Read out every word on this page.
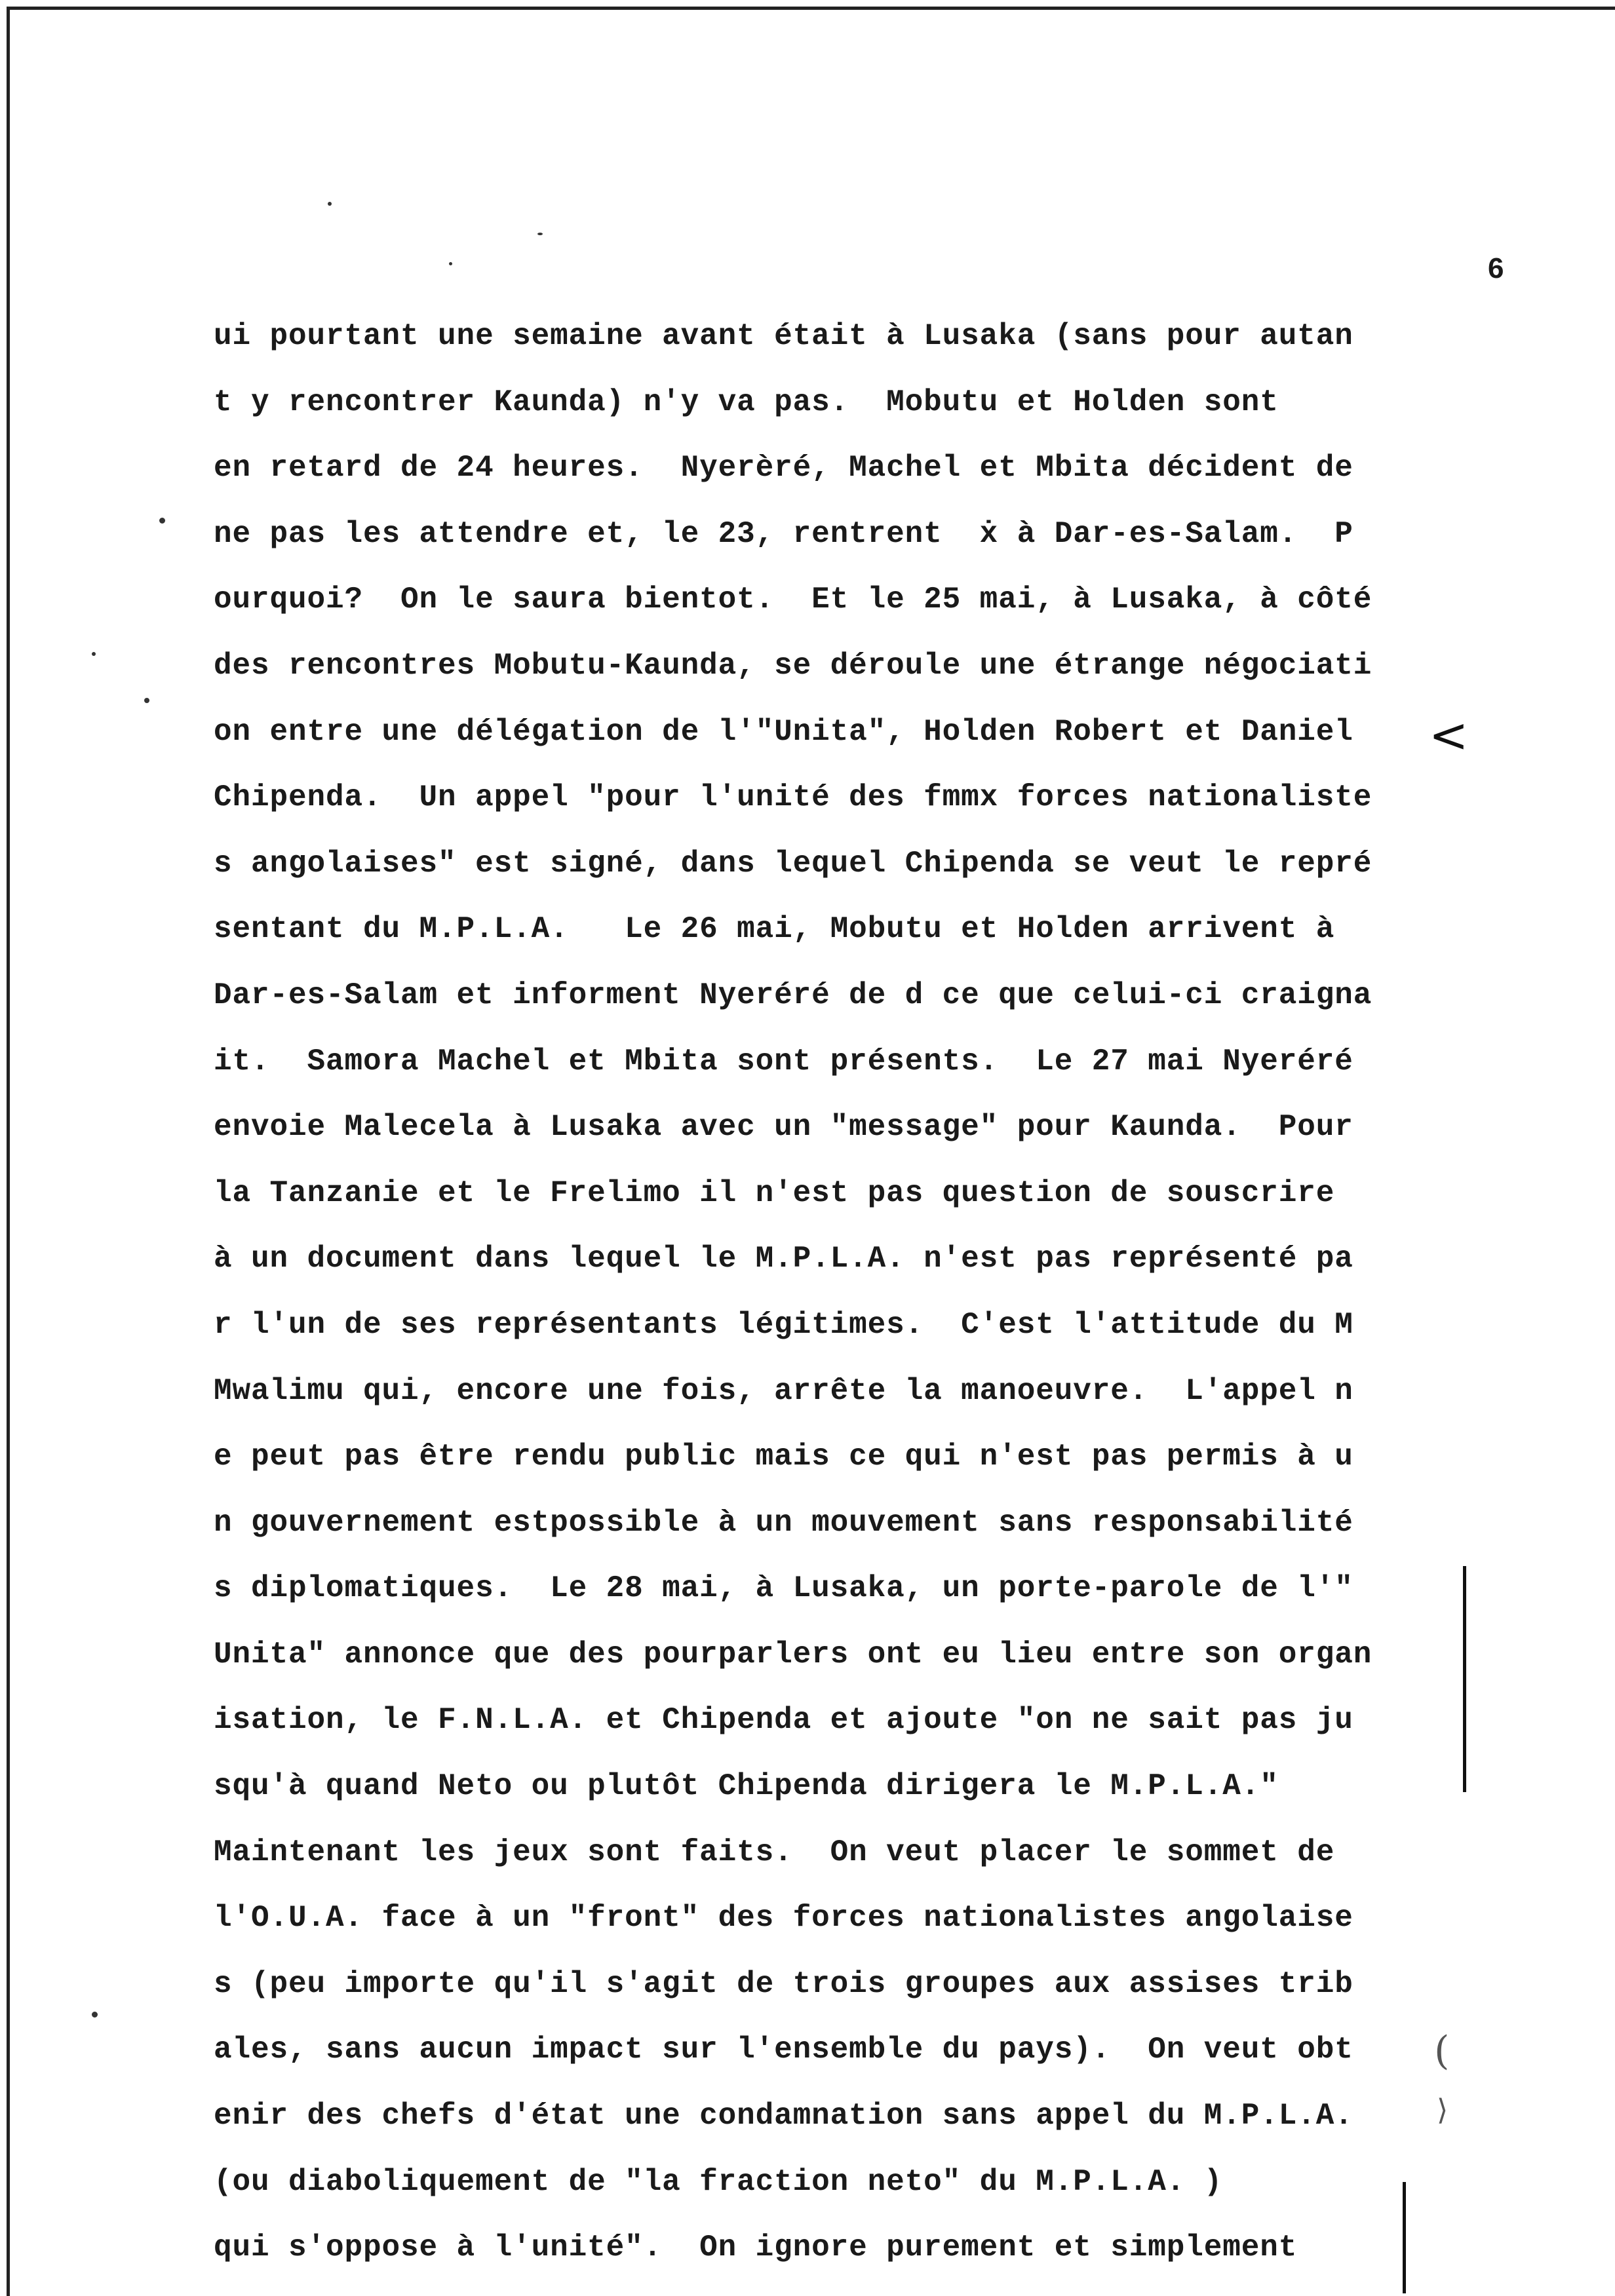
6
ui pourtant une semaine avant était à Lusaka (sans pour autan
t y rencontrer Kaunda) n'y va pas.  Mobutu et Holden sont
en retard de 24 heures.  Nyerèré, Machel et Mbita décident de
ne pas les attendre et, le 23, rentrent  ẋ à Dar-es-Salam.  P
ourquoi?  On le saura bientot.  Et le 25 mai, à Lusaka, à côté
des rencontres Mobutu-Kaunda, se déroule une étrange négociati
on entre une délégation de l'"Unita", Holden Robert et Daniel
Chipenda.  Un appel "pour l'unité des fmmx forces nationaliste
s angolaises" est signé, dans lequel Chipenda se veut le repré
sentant du M.P.L.A.   Le 26 mai, Mobutu et Holden arrivent à
Dar-es-Salam et informent Nyeréré de d ce que celui-ci craigna
it.  Samora Machel et Mbita sont présents.  Le 27 mai Nyeréré
envoie Malecela à Lusaka avec un "message" pour Kaunda.  Pour
la Tanzanie et le Frelimo il n'est pas question de souscrire
à un document dans lequel le M.P.L.A. n'est pas représenté pa
r l'un de ses représentants légitimes.  C'est l'attitude du M
Mwalimu qui, encore une fois, arrête la manoeuvre.  L'appel n
e peut pas être rendu public mais ce qui n'est pas permis à u
n gouvernement estpossible à un mouvement sans responsabilité
s diplomatiques.  Le 28 mai, à Lusaka, un porte-parole de l'"
Unita" annonce que des pourparlers ont eu lieu entre son organ
isation, le F.N.L.A. et Chipenda et ajoute "on ne sait pas ju
squ'à quand Neto ou plutôt Chipenda dirigera le M.P.L.A."
Maintenant les jeux sont faits.  On veut placer le sommet de
l'O.U.A. face à un "front" des forces nationalistes angolaise
s (peu importe qu'il s'agit de trois groupes aux assises trib
ales, sans aucun impact sur l'ensemble du pays).  On veut obt
enir des chefs d'état une condamnation sans appel du M.P.L.A.
(ou diaboliquement de "la fraction neto" du M.P.L.A. )
qui s'oppose à l'unité".  On ignore purement et simplement
<
(
⟩
